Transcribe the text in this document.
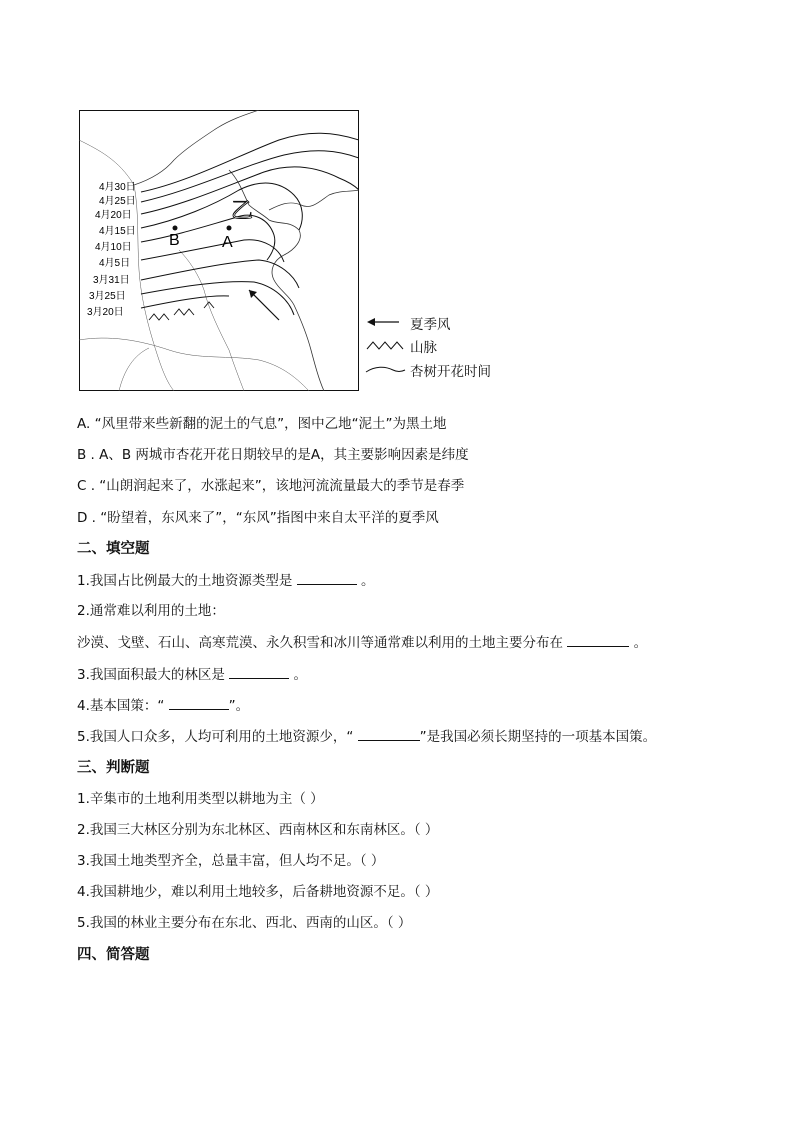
4月30日
4月25日
4月20日
4月15日
4月10日
4月5日
3月31日
3月25日
3月20日
B	A
乙
夏季风
山脉
杏树开花时间
A. “风里带来些新翻的泥土的气息”，图中乙地“泥土”为黑土地
B . A、B 两城市杏花开花日期较早的是A，其主要影响因素是纬度
C . “山朗润起来了，水涨起来”，该地河流流量最大的季节是春季
D . “盼望着，东风来了”，“东风”指图中来自太平洋的夏季风
二、填空题
1.我国占比例最大的土地资源类型是	。
2.通常难以利用的土地：
沙漠、戈壁、石山、高寒荒漠、永久积雪和冰川等通常难以利用的土地主要分布在	。
3.我国面积最大的林区是	。
4.基本国策：“	”。
5.我国人口众多，人均可利用的土地资源少，“	”是我国必须长期坚持的一项基本国策。
三、判断题
1.辛集市的土地利用类型以耕地为主（ ）
2.我国三大林区分别为东北林区、西南林区和东南林区。（ ）
3.我国土地类型齐全，总量丰富，但人均不足。（ ）
4.我国耕地少，难以利用土地较多，后备耕地资源不足。（ ）
5.我国的林业主要分布在东北、西北、西南的山区。（ ）
四、简答题
